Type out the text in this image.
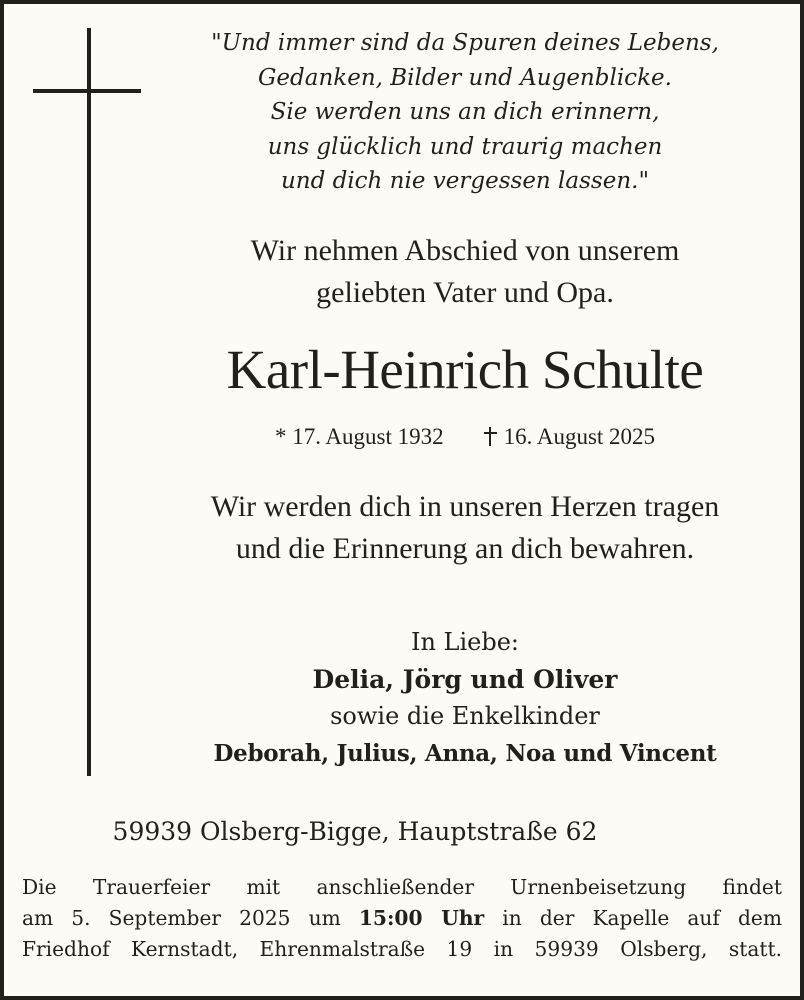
"Und immer sind da Spuren deines Lebens,
Gedanken, Bilder und Augenblicke.
Sie werden uns an dich erinnern,
uns glücklich und traurig machen
und dich nie vergessen lassen."
Wir nehmen Abschied von unserem
geliebten Vater und Opa.
Karl-Heinrich Schulte
* 17. August 1932	16. August 2025
Wir werden dich in unseren Herzen tragen
und die Erinnerung an dich bewahren.
In Liebe:
Delia, Jörg und Oliver
sowie die Enkelkinder
Deborah, Julius, Anna, Noa und Vincent
59939 Olsberg-Bigge, Hauptstraße 62
Die Trauerfeier mit anschließender Urnenbeisetzung findet
am 5. September 2025 um 15:00 Uhr in der Kapelle auf dem
Friedhof Kernstadt, Ehrenmalstraße 19 in 59939 Olsberg, statt.
